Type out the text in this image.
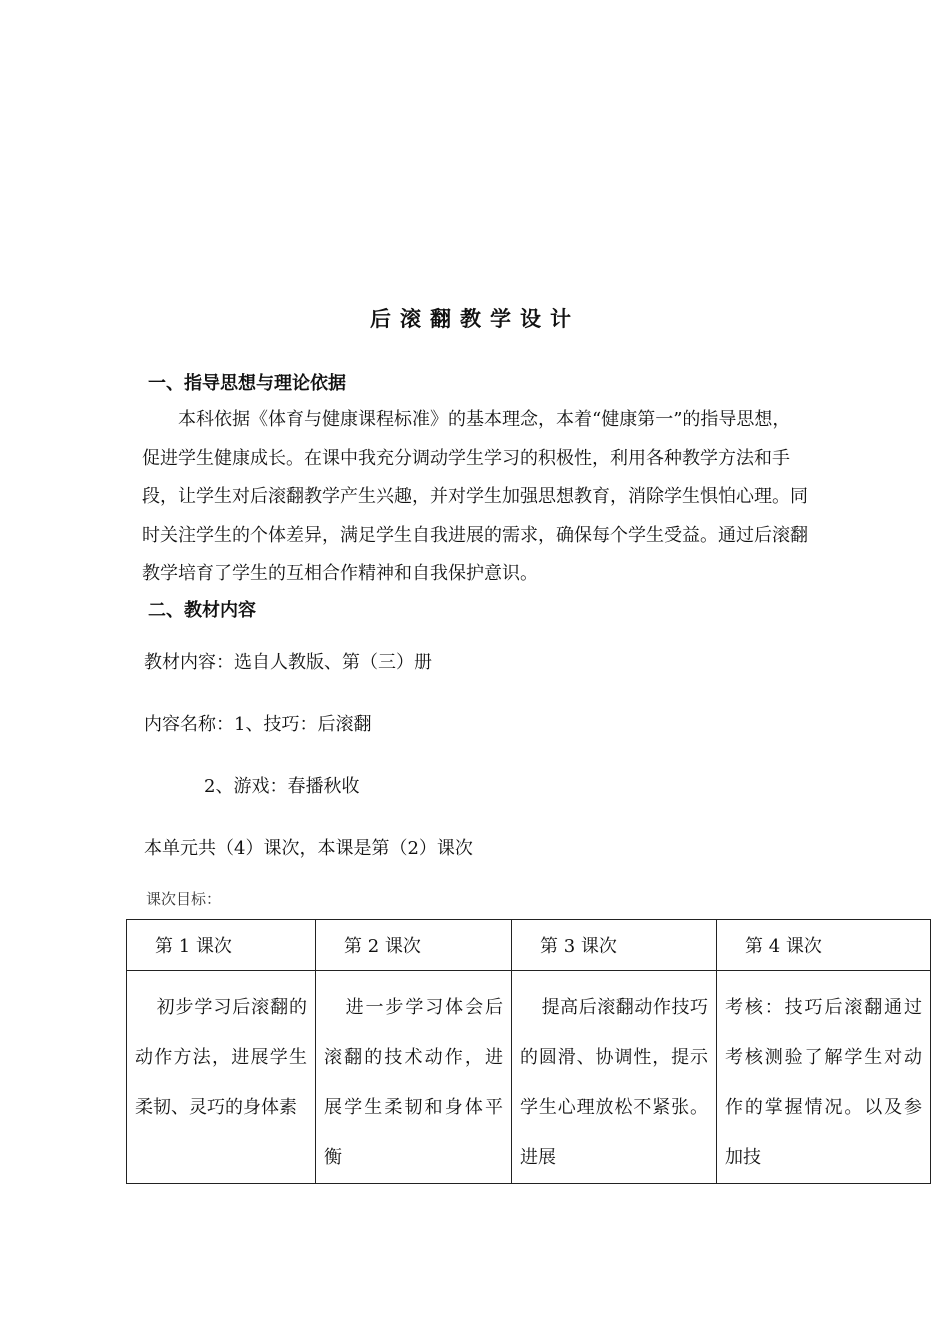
后滚翻教学设计
一、指导思想与理论依据

本科依据《体育与健康课程标准》的基本理念，本着“健康第一”的指导思想，促进学生健康成长。在课中我充分调动学生学习的积极性，利用各种教学方法和手段，让学生对后滚翻教学产生兴趣，并对学生加强思想教育，消除学生惧怕心理。同时关注学生的个体差异，满足学生自我进展的需求，确保每个学生受益。通过后滚翻教学培育了学生的互相合作精神和自我保护意识。

二、教材内容
教材内容：选自人教版、第（三）册
内容名称：1、技巧：后滚翻
2、游戏：春播秋收
本单元共（4）课次，本课是第（2）课次
课次目标：
第 1 课次	第 2 课次	第 3 课次	第 4 课次
初步学习后滚翻的动作方法，进展学生柔韧、灵巧的身体素	进一步学习体会后滚翻的技术动作，进展学生柔韧和身体平衡	提高后滚翻动作技巧的圆滑、协调性，提示学生心理放松不紧张。进展	考核：技巧后滚翻通过考核测验了解学生对动作的掌握情况。以及参加技
